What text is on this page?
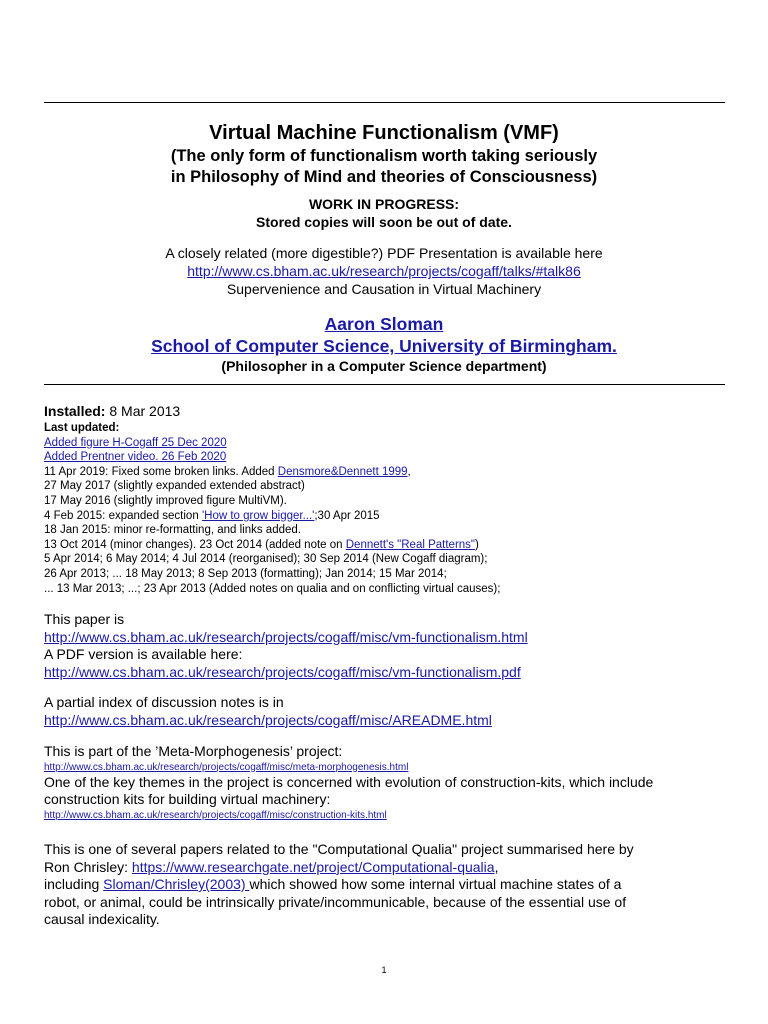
Virtual Machine Functionalism (VMF)
(The only form of functionalism worth taking seriously
in Philosophy of Mind and theories of Consciousness)
WORK IN PROGRESS:
Stored copies will soon be out of date.
A closely related (more digestible?) PDF Presentation is available here
http://www.cs.bham.ac.uk/research/projects/cogaff/talks/#talk86
Supervenience and Causation in Virtual Machinery
Aaron Sloman
School of Computer Science, University of Birmingham.
(Philosopher in a Computer Science department)
Installed: 8 Mar 2013
Last updated:
Added figure H-Cogaff 25 Dec 2020
Added Prentner video. 26 Feb 2020
11 Apr 2019: Fixed some broken links. Added Densmore&Dennett 1999,
27 May 2017 (slightly expanded extended abstract)
17 May 2016 (slightly improved figure MultiVM).
4 Feb 2015: expanded section 'How to grow bigger...';30 Apr 2015
18 Jan 2015: minor re-formatting, and links added.
13 Oct 2014 (minor changes). 23 Oct 2014 (added note on Dennett's "Real Patterns")
5 Apr 2014; 6 May 2014; 4 Jul 2014 (reorganised); 30 Sep 2014 (New Cogaff diagram);
26 Apr 2013; ... 18 May 2013; 8 Sep 2013 (formatting); Jan 2014; 15 Mar 2014;
... 13 Mar 2013; ...; 23 Apr 2013 (Added notes on qualia and on conflicting virtual causes);
This paper is
http://www.cs.bham.ac.uk/research/projects/cogaff/misc/vm-functionalism.html
A PDF version is available here:
http://www.cs.bham.ac.uk/research/projects/cogaff/misc/vm-functionalism.pdf
A partial index of discussion notes is in
http://www.cs.bham.ac.uk/research/projects/cogaff/misc/AREADME.html
This is part of the ’Meta-Morphogenesis’ project:
http://www.cs.bham.ac.uk/research/projects/cogaff/misc/meta-morphogenesis.html
One of the key themes in the project is concerned with evolution of construction-kits, which include
construction kits for building virtual machinery:
http://www.cs.bham.ac.uk/research/projects/cogaff/misc/construction-kits.html
This is one of several papers related to the "Computational Qualia" project summarised here by
Ron Chrisley: https://www.researchgate.net/project/Computational-qualia,
including Sloman/Chrisley(2003) which showed how some internal virtual machine states of a
robot, or animal, could be intrinsically private/incommunicable, because of the essential use of
causal indexicality.
1
